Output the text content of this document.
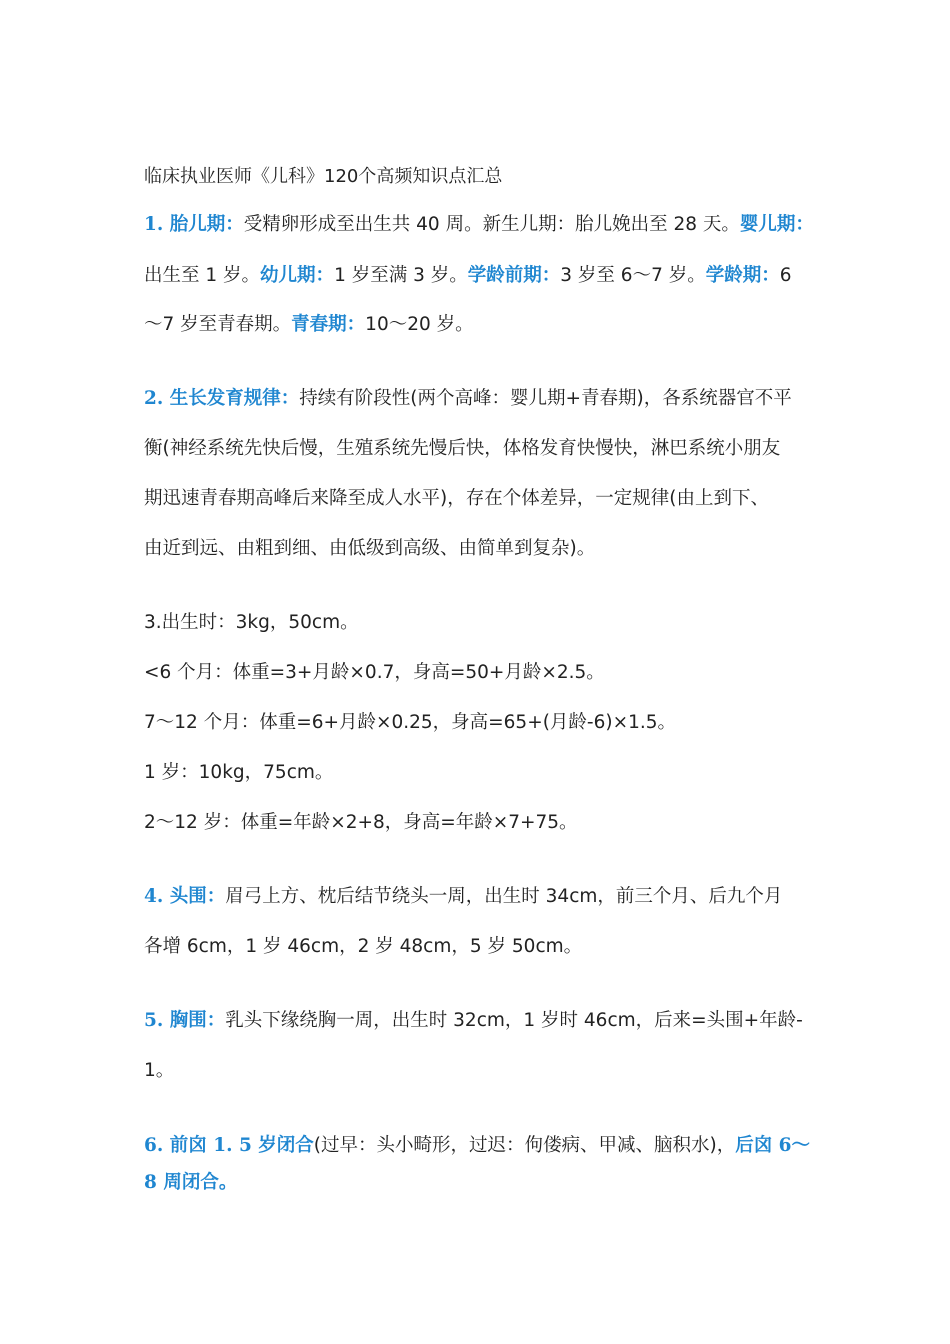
临床执业医师《儿科》120个高频知识点汇总
1. 胎儿期：受精卵形成至出生共 40 周。新生儿期：胎儿娩出至 28 天。婴儿期：
出生至 1 岁。幼儿期：1 岁至满 3 岁。学龄前期：3 岁至 6～7 岁。学龄期：6
～7 岁至青春期。青春期：10～20 岁。
2. 生长发育规律：持续有阶段性(两个高峰：婴儿期+青春期)，各系统器官不平
衡(神经系统先快后慢，生殖系统先慢后快，体格发育快慢快，淋巴系统小朋友
期迅速青春期高峰后来降至成人水平)，存在个体差异，一定规律(由上到下、
由近到远、由粗到细、由低级到高级、由简单到复杂)。
3.出生时：3kg，50cm。
<6 个月：体重=3+月龄×0.7，身高=50+月龄×2.5。
7～12 个月：体重=6+月龄×0.25，身高=65+(月龄-6)×1.5。
1 岁：10kg，75cm。
2～12 岁：体重=年龄×2+8，身高=年龄×7+75。
4. 头围：眉弓上方、枕后结节绕头一周，出生时 34cm，前三个月、后九个月
各增 6cm，1 岁 46cm，2 岁 48cm，5 岁 50cm。
5. 胸围：乳头下缘绕胸一周，出生时 32cm，1 岁时 46cm，后来=头围+年龄-
1。
6. 前囟 1. 5 岁闭合(过早：头小畸形，过迟：佝偻病、甲减、脑积水)，后囟 6～
8 周闭合。
